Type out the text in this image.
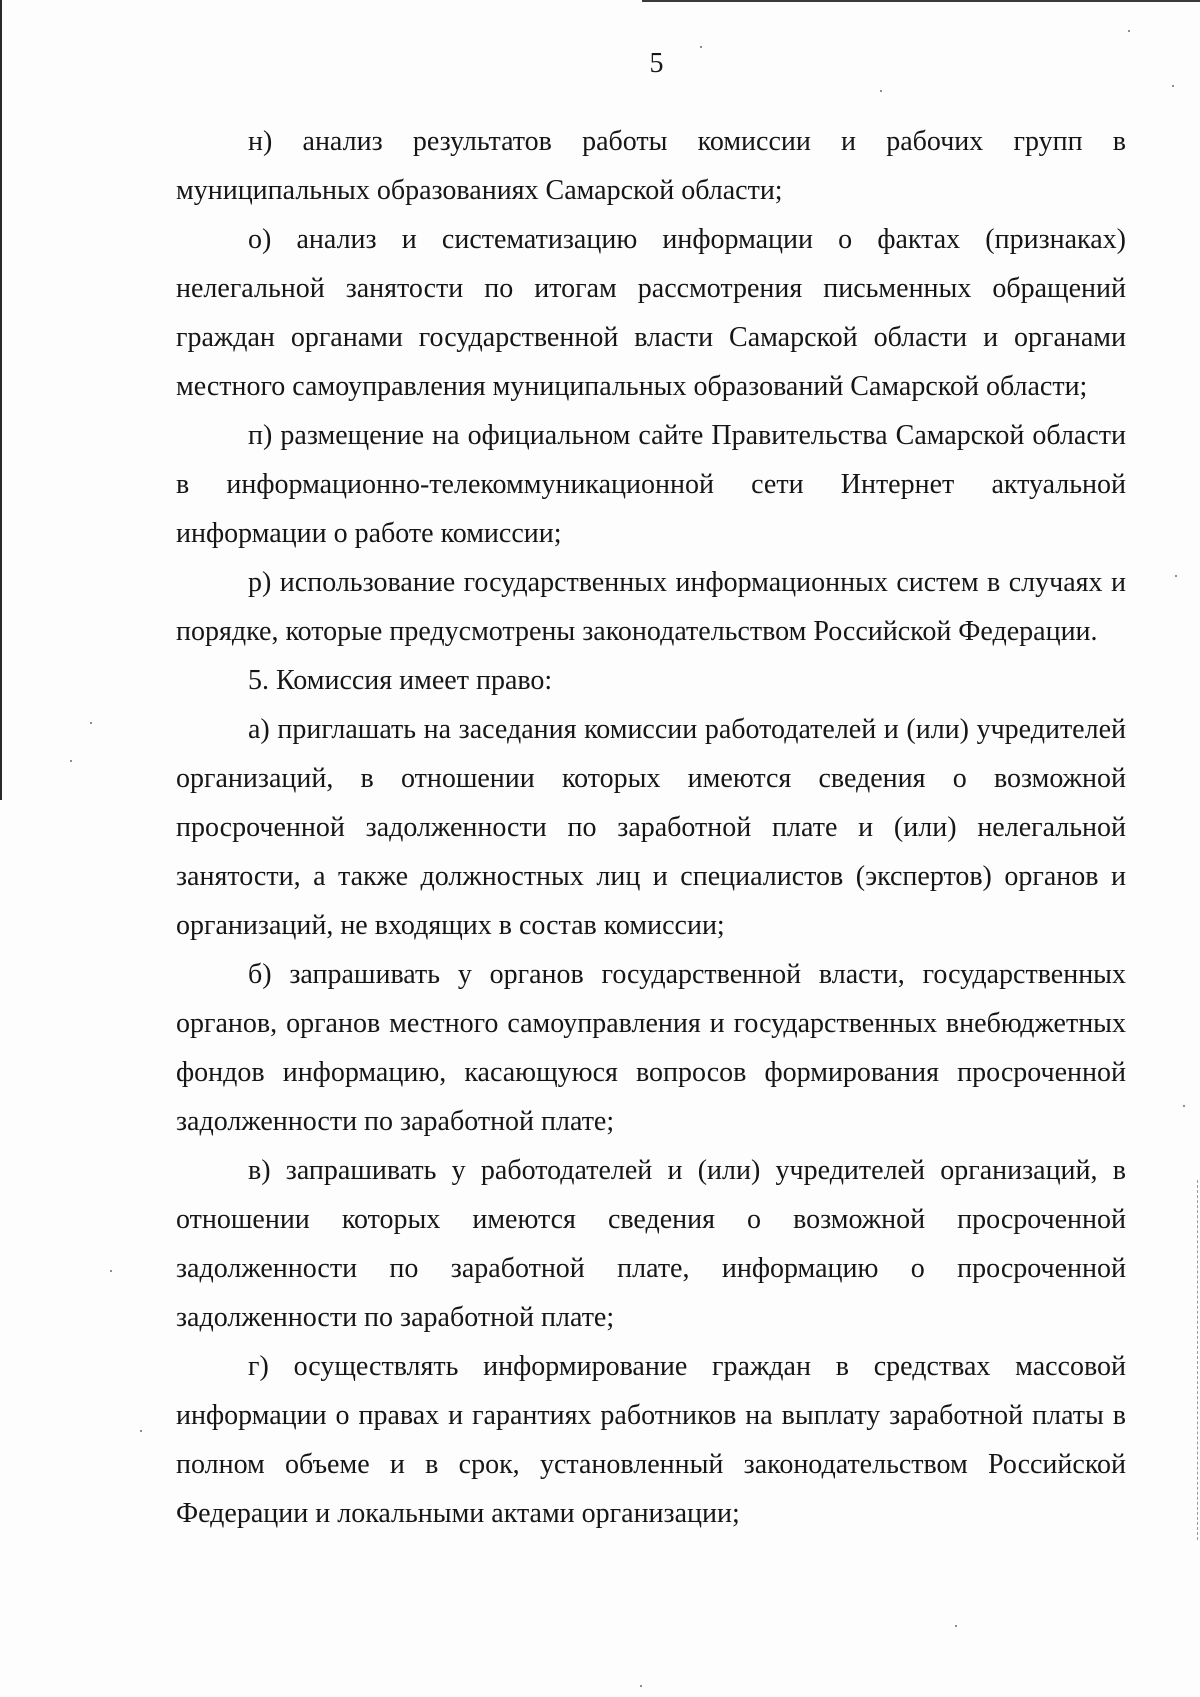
5

н) анализ результатов работы комиссии и рабочих групп в муниципальных образованиях Самарской области;

о) анализ и систематизацию информации о фактах (признаках) нелегальной занятости по итогам рассмотрения письменных обращений граждан органами государственной власти Самарской области и органами местного самоуправления муниципальных образований Самарской области;

п) размещение на официальном сайте Правительства Самарской области в информационно-телекоммуникационной сети Интернет актуальной информации о работе комиссии;

р) использование государственных информационных систем в случаях и порядке, которые предусмотрены законодательством Российской Федерации.

5. Комиссия имеет право:

а) приглашать на заседания комиссии работодателей и (или) учредителей организаций, в отношении которых имеются сведения о возможной просроченной задолженности по заработной плате и (или) нелегальной занятости, а также должностных лиц и специалистов (экспертов) органов и организаций, не входящих в состав комиссии;

б) запрашивать у органов государственной власти, государственных органов, органов местного самоуправления и государственных внебюджетных фондов информацию, касающуюся вопросов формирования просроченной задолженности по заработной плате;

в) запрашивать у работодателей и (или) учредителей организаций, в отношении которых имеются сведения о возможной просроченной задолженности по заработной плате, информацию о просроченной задолженности по заработной плате;

г) осуществлять информирование граждан в средствах массовой информации о правах и гарантиях работников на выплату заработной платы в полном объеме и в срок, установленный законодательством Российской Федерации и локальными актами организации;
